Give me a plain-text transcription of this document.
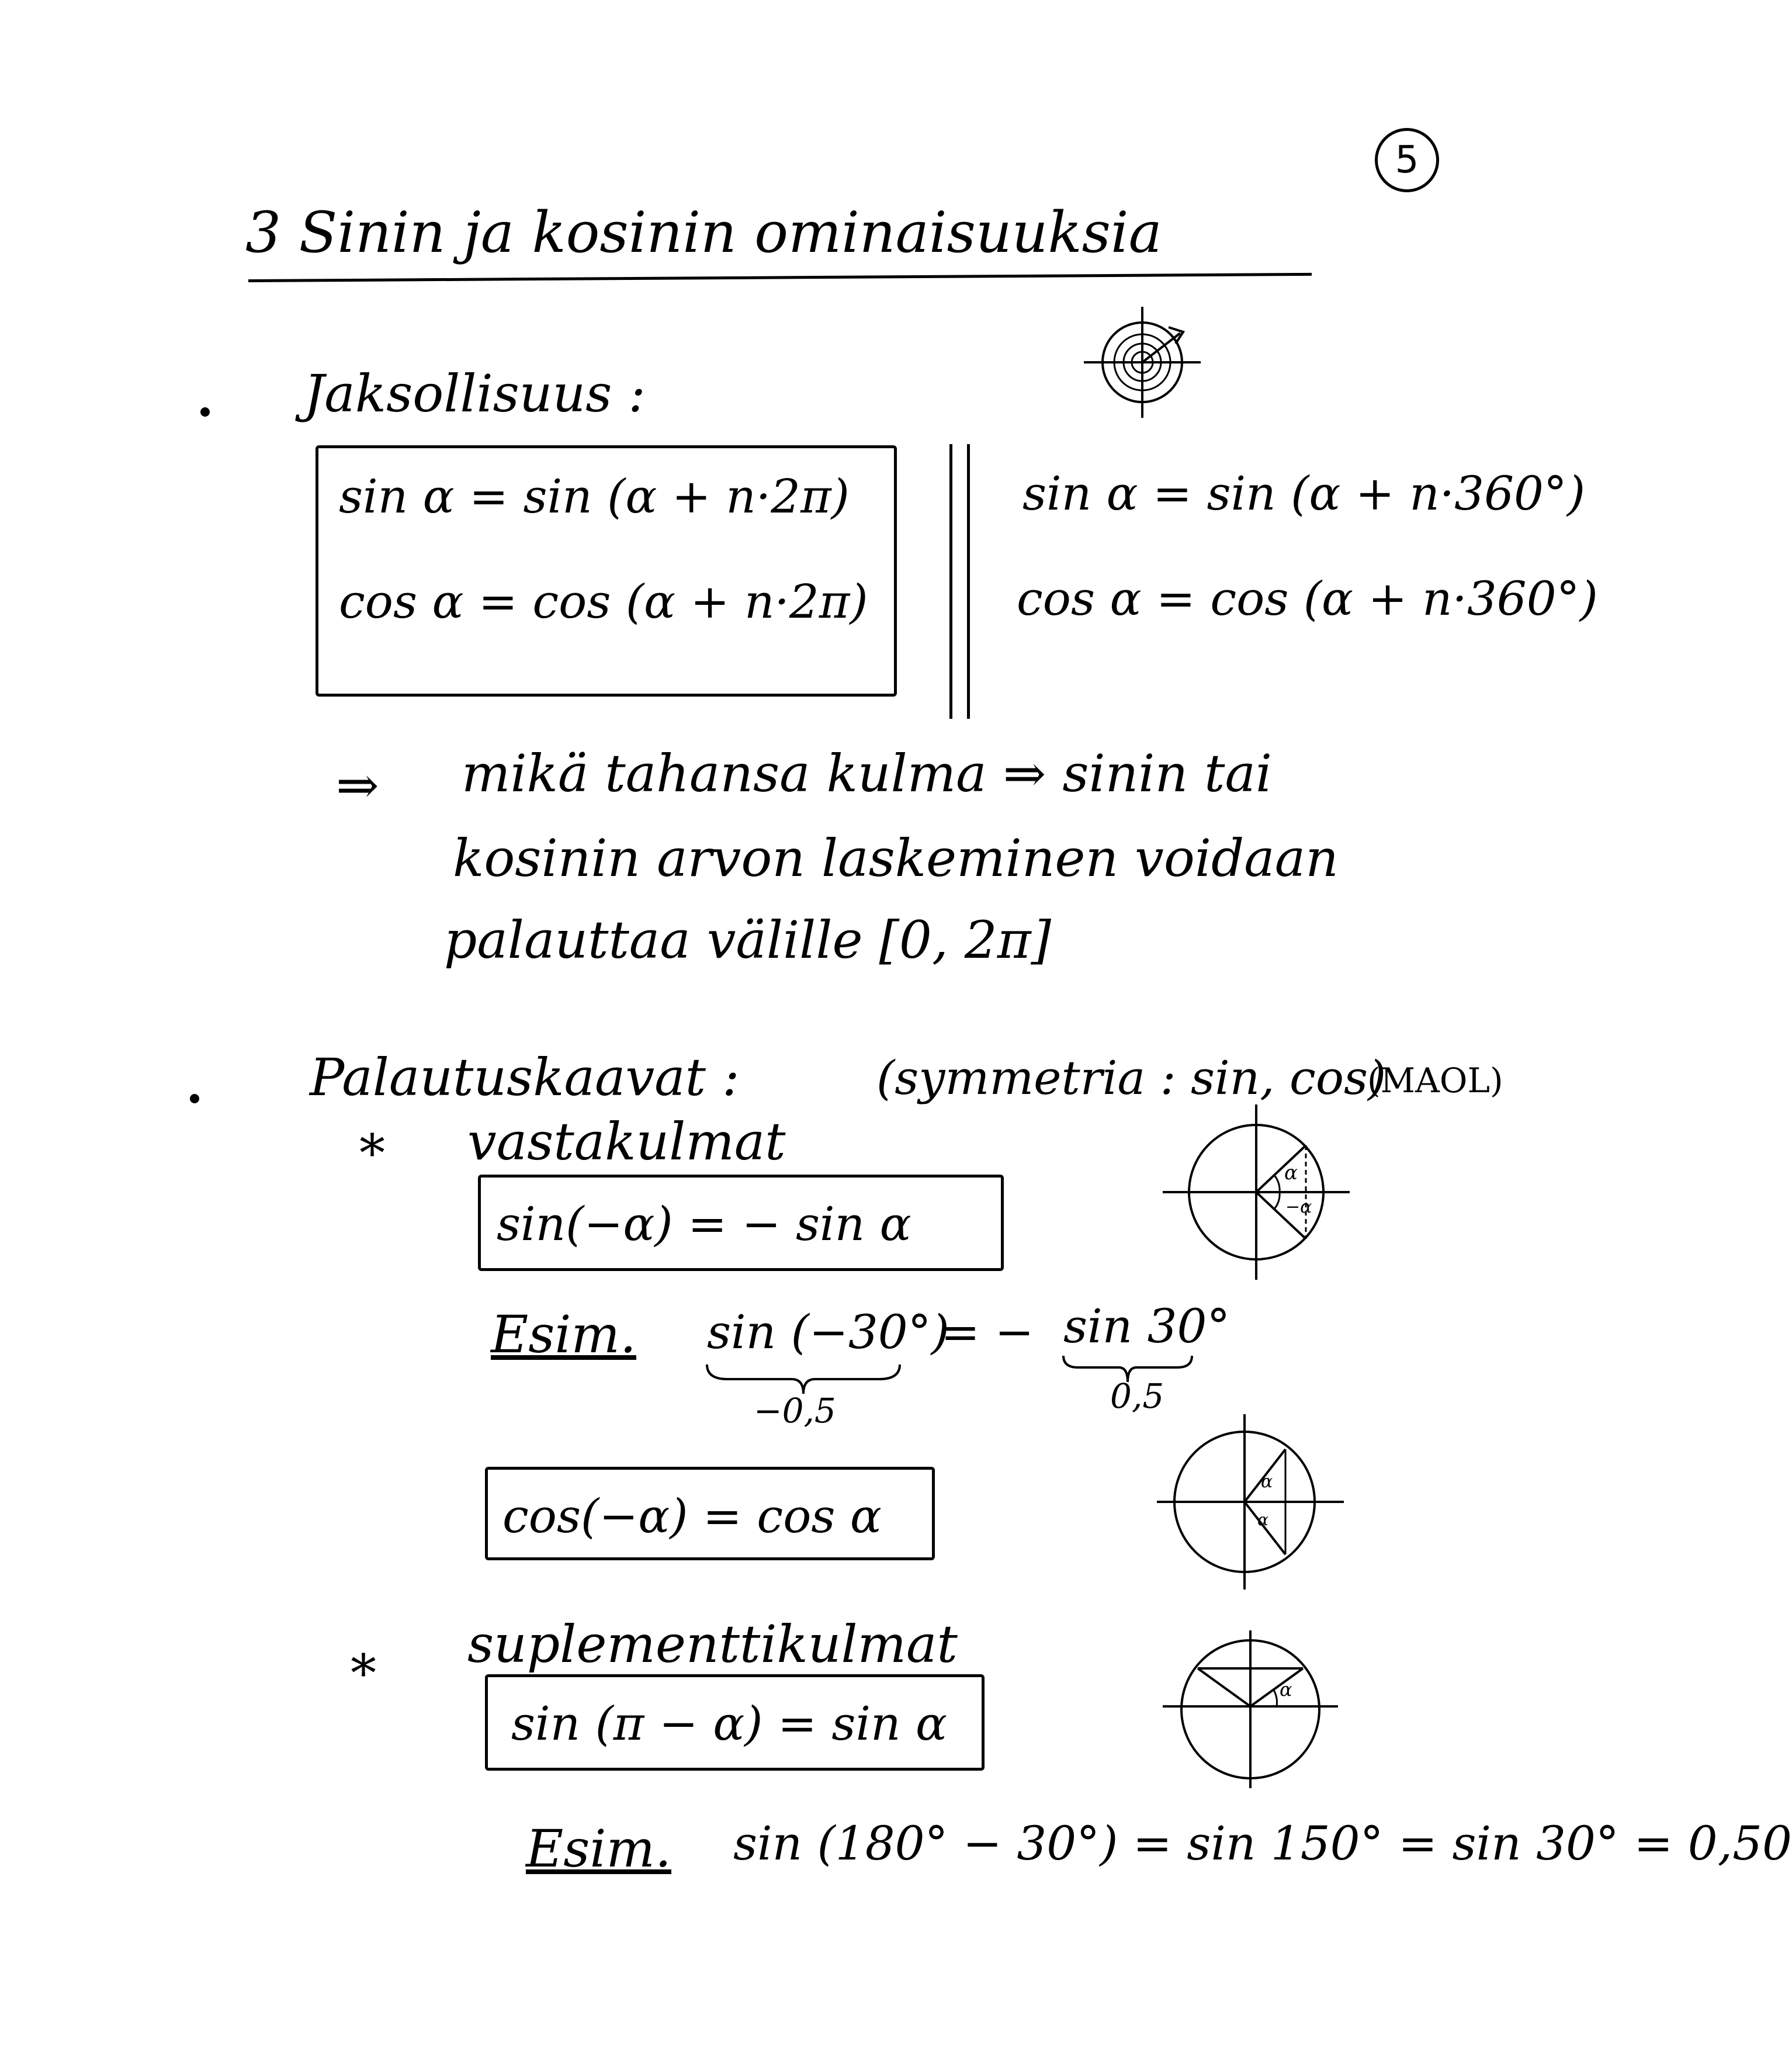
5
3 Sinin ja kosinin ominaisuuksia
Jaksollisuus :
sin α = sin (α + n·2π)
cos α = cos (α + n·2π)
sin α = sin (α + n·360°)
cos α = cos (α + n·360°)
⇒ mikä tahansa kulma ⇒ sinin tai
kosinin arvon laskeminen voidaan
palauttaa välille [0, 2π]
Palautuskaavat :	(symmetria : sin, cos)
(MAOL)
* vastakulmat
sin(−α) = − sin α
α
−α
Esim. sin (−30°)
= − sin 30°
−0,5	0,5
cos(−α) = cos α
α
α
* suplementtikulmat
sin (π − α) = sin α
α
Esim. sin (180° − 30°) = sin 150° = sin 30° = 0,50
